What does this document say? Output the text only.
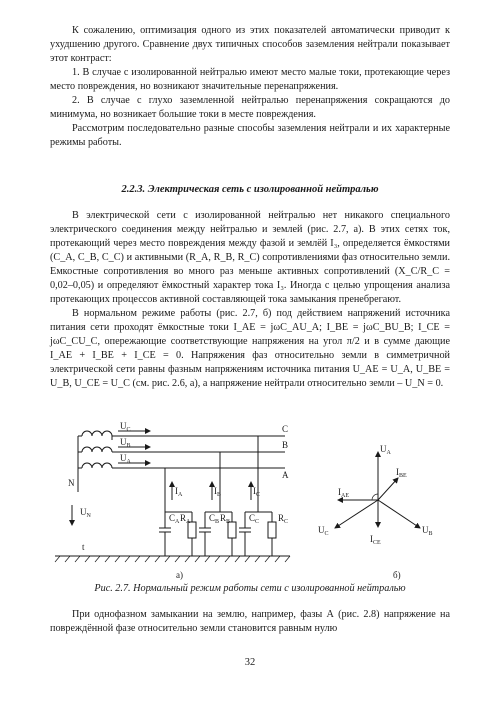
К сожалению, оптимизация одного из этих показателей автоматически приводит к ухудшению другого. Сравнение двух типичных способов заземления нейтрали показывает этот контраст:

1. В случае с изолированной нейтралью имеют место малые токи, протекающие через место повреждения, но возникают значительные перенапряжения.

2. В случае с глухо заземленной нейтралью перенапряжения сокращаются до минимума, но возникает большие токи в месте повреждения.

Рассмотрим последовательно разные способы заземления нейтрали и их характерные режимы работы.

2.2.3. Электрическая сеть с изолированной нейтралью

В электрической сети с изолированной нейтралью нет никакого специального электрического соединения между нейтралью и землей (рис. 2.7, а). В этих сетях ток, протекающий через место повреждения между фазой и землёй I₃, определяется ёмкостями (C_A, C_B, C_C) и активными (R_A, R_B, R_C) сопротивлениями фаз относительно земли. Емкостные сопротивления во много раз меньше активных сопротивлений (X_C/R_C = 0,02–0,05) и определяют ёмкостный характер тока I₃. Иногда с целью упрощения анализа протекающих процессов активной составляющей тока замыкания пренебрегают.

В нормальном режиме работы (рис. 2.7, б) под действием напряжений источника питания сети проходят ёмкостные токи I_AE = jωC_AU_A; I_BE = jωC_BU_B; I_CE = jωC_CU_C, опережающие соответствующие напряжения на угол π/2 и в сумме дающие I_AE + I_BE + I_CE = 0. Напряжения фаз относительно земли в симметричной электрической сети равны фазным напряжениям источника питания U_AE = U_A, U_BE = U_B, U_CE = U_C (см. рис. 2.6, а), а напряжение нейтрали относительно земли – U_N = 0.

$U_C$
$U_B$
$U_A$
C
B
A
N
$U_N$
t
$I_A$	$I_B$	$I_C$
$C_A$ $R_A$ $C_B$ $R_B$ $C_C$ $R_C$
а)
$U_A$
$I_{BE}$
$I_{AE}$
$U_C$	$U_B$
$I_{CE}$
б)
Рис. 2.7. Нормальный режим работы сети с изолированной нейтралью

При однофазном замыкании на землю, например, фазы А (рис. 2.8) напряжение на повреждённой фазе относительно земли становится равным нулю

32
